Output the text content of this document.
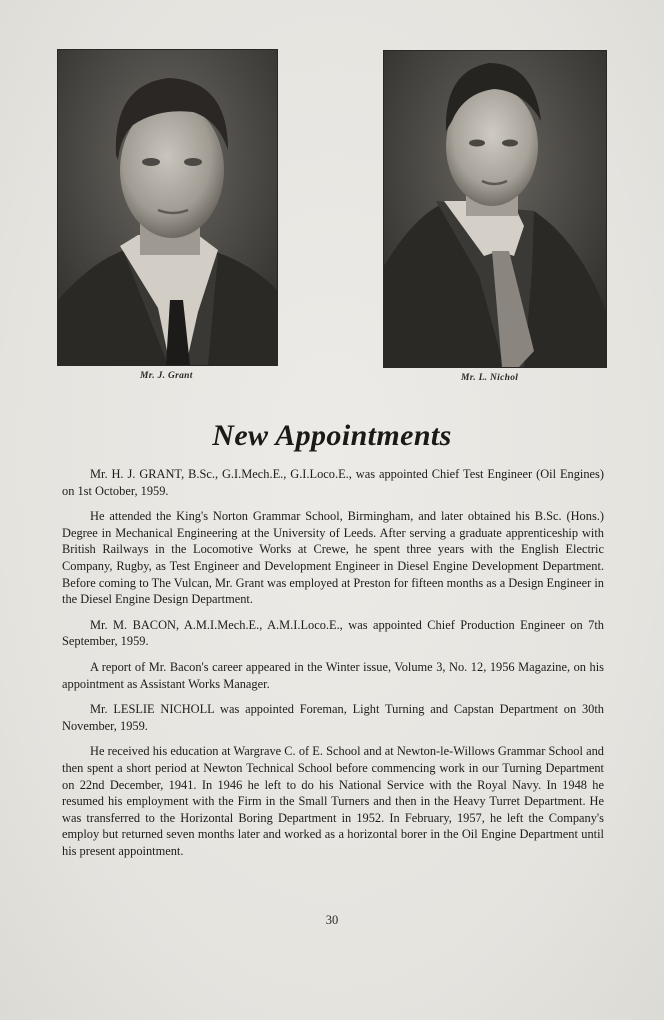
Mr. J. Grant	Mr. L. Nichol
New Appointments

Mr. H. J. GRANT, B.Sc., G.I.Mech.E., G.I.Loco.E., was appointed Chief Test Engineer (Oil Engines) on 1st October, 1959.

He attended the King's Norton Grammar School, Birmingham, and later obtained his B.Sc. (Hons.) Degree in Mechanical Engineering at the University of Leeds. After serving a graduate apprenticeship with British Railways in the Locomotive Works at Crewe, he spent three years with the English Electric Company, Rugby, as Test Engineer and Development Engineer in Diesel Engine Development Department. Before coming to The Vulcan, Mr. Grant was employed at Preston for fifteen months as a Design Engineer in the Diesel Engine Design Department.

Mr. M. BACON, A.M.I.Mech.E., A.M.I.Loco.E., was appointed Chief Production Engineer on 7th September, 1959.

A report of Mr. Bacon's career appeared in the Winter issue, Volume 3, No. 12, 1956 Magazine, on his appointment as Assistant Works Manager.

Mr. LESLIE NICHOLL was appointed Foreman, Light Turning and Capstan Department on 30th November, 1959.

He received his education at Wargrave C. of E. School and at Newton-le-Willows Grammar School and then spent a short period at Newton Technical School before commencing work in our Turning Department on 22nd December, 1941. In 1946 he left to do his National Service with the Royal Navy. In 1948 he resumed his employment with the Firm in the Small Turners and then in the Heavy Turret Department. He was transferred to the Horizontal Boring Department in 1952. In February, 1957, he left the Company's employ but returned seven months later and worked as a horizontal borer in the Oil Engine Department until his present appointment.

30
